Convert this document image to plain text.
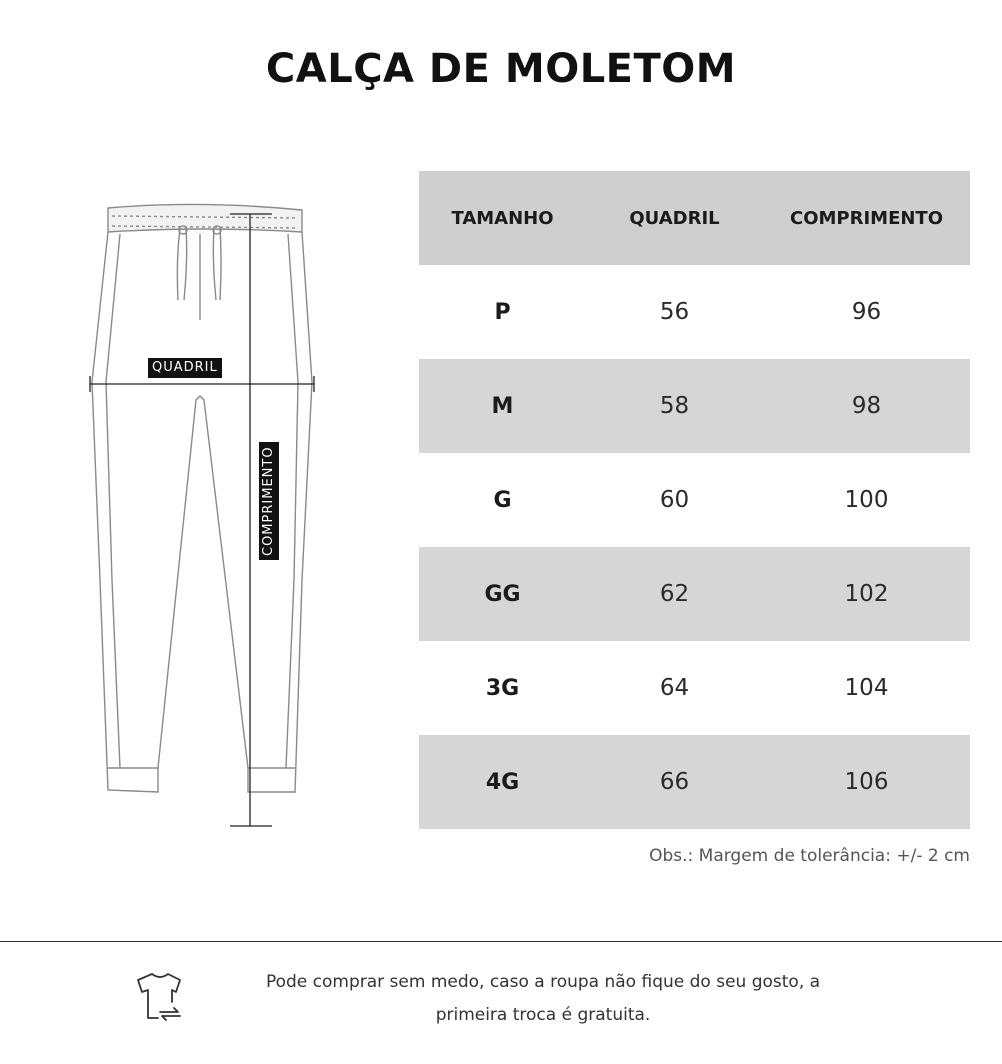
CALÇA DE MOLETOM
QUADRIL
COMPRIMENTO
TAMANHO	QUADRIL	COMPRIMENTO
P	56	96
M	58	98
G	60	100
GG	62	102
3G	64	104
4G	66	106
Obs.: Margem de tolerância: +/- 2 cm
Pode comprar sem medo, caso a roupa não fique do seu gosto, a
primeira troca é gratuita.
